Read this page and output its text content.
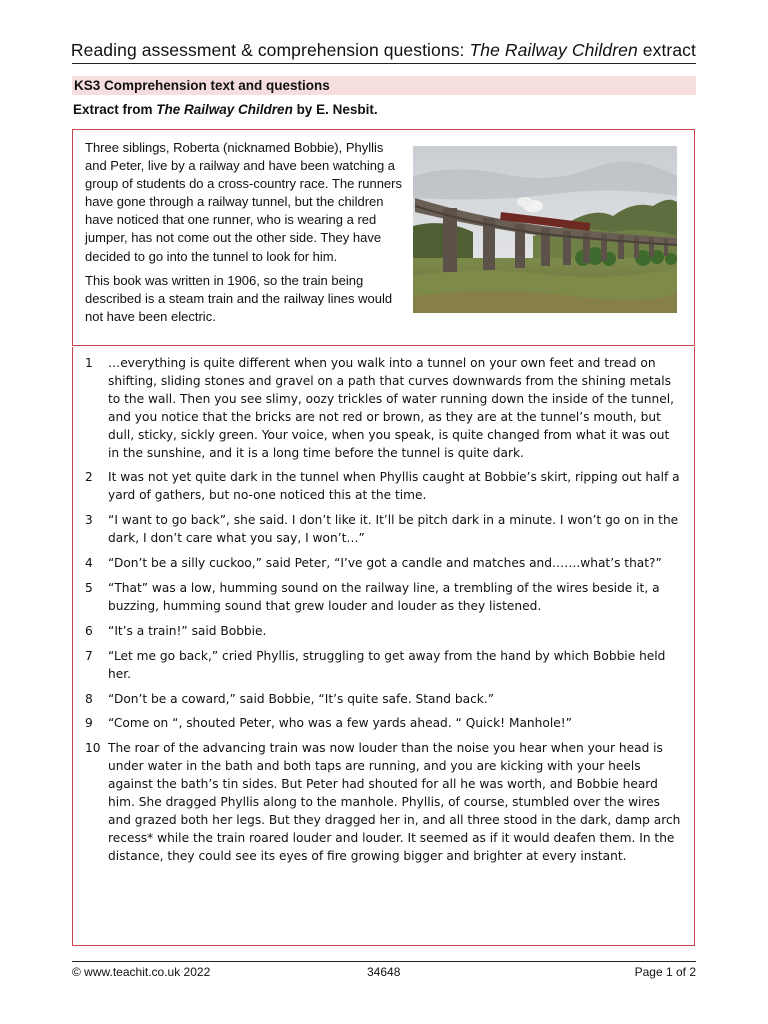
Reading assessment & comprehension questions: The Railway Children extract
KS3 Comprehension text and questions
Extract from The Railway Children by E. Nesbit.

Three siblings, Roberta (nicknamed Bobbie), Phyllis and Peter, live by a railway and have been watching a group of students do a cross-country race. The runners have gone through a railway tunnel, but the children have noticed that one runner, who is wearing a red jumper, has not come out the other side. They have decided to go into the tunnel to look for him.

This book was written in 1906, so the train being described is a steam train and the railway lines would not have been electric.

1	…everything is quite different when you walk into a tunnel on your own feet and tread on shifting, sliding stones and gravel on a path that curves downwards from the shining metals to the wall. Then you see slimy, oozy trickles of water running down the inside of the tunnel, and you notice that the bricks are not red or brown, as they are at the tunnel’s mouth, but dull, sticky, sickly green. Your voice, when you speak, is quite changed from what it was out in the sunshine, and it is a long time before the tunnel is quite dark.
2	It was not yet quite dark in the tunnel when Phyllis caught at Bobbie’s skirt, ripping out half a yard of gathers, but no-one noticed this at the time.
3	“I want to go back”, she said. I don’t like it. It’ll be pitch dark in a minute. I won’t go on in the dark, I don’t care what you say, I won’t…”
4	“Don’t be a silly cuckoo,” said Peter, “I’ve got a candle and matches and…….what’s that?”
5	“That” was a low, humming sound on the railway line, a trembling of the wires beside it, a buzzing, humming sound that grew louder and louder as they listened.
6	“It’s a train!” said Bobbie.
7	“Let me go back,” cried Phyllis, struggling to get away from the hand by which Bobbie held her.
8	“Don’t be a coward,” said Bobbie, “It’s quite safe. Stand back.”
9	“Come on “, shouted Peter, who was a few yards ahead. “ Quick! Manhole!”
10 The roar of the advancing train was now louder than the noise you hear when your head is under water in the bath and both taps are running, and you are kicking with your heels against the bath’s tin sides. But Peter had shouted for all he was worth, and Bobbie heard him. She dragged Phyllis along to the manhole. Phyllis, of course, stumbled over the wires and grazed both her legs. But they dragged her in, and all three stood in the dark, damp arch recess* while the train roared louder and louder. It seemed as if it would deafen them. In the distance, they could see its eyes of fire growing bigger and brighter at every instant.
© www.teachit.co.uk 2022	34648	Page 1 of 2
